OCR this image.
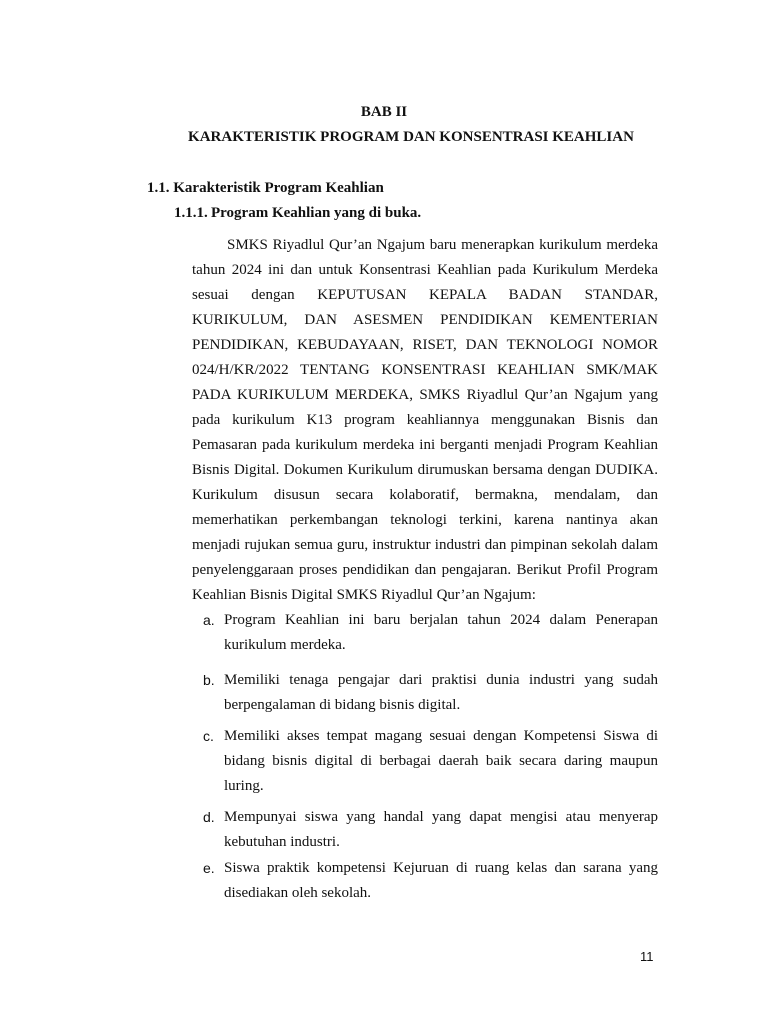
BAB II
KARAKTERISTIK PROGRAM DAN KONSENTRASI KEAHLIAN
1.1. Karakteristik Program Keahlian
1.1.1. Program Keahlian yang di buka.

SMKS Riyadlul Qur’an Ngajum baru menerapkan kurikulum merdeka tahun 2024 ini dan untuk Konsentrasi Keahlian pada Kurikulum Merdeka sesuai dengan KEPUTUSAN KEPALA BADAN STANDAR, KURIKULUM, DAN ASESMEN PENDIDIKAN KEMENTERIAN PENDIDIKAN, KEBUDAYAAN, RISET, DAN TEKNOLOGI NOMOR 024/H/KR/2022 TENTANG KONSENTRASI KEAHLIAN SMK/MAK PADA KURIKULUM MERDEKA, SMKS Riyadlul Qur’an Ngajum yang pada kurikulum K13 program keahliannya menggunakan Bisnis dan Pemasaran pada kurikulum merdeka ini berganti menjadi Program Keahlian Bisnis Digital. Dokumen Kurikulum dirumuskan bersama dengan DUDIKA. Kurikulum disusun secara kolaboratif, bermakna, mendalam, dan memerhatikan perkembangan teknologi terkini, karena nantinya akan menjadi rujukan semua guru, instruktur industri dan pimpinan sekolah dalam penyelenggaraan proses pendidikan dan pengajaran. Berikut Profil Program Keahlian Bisnis Digital SMKS Riyadlul Qur’an Ngajum:

a. Program Keahlian ini baru berjalan tahun 2024 dalam Penerapan kurikulum merdeka.
b. Memiliki tenaga pengajar dari praktisi dunia industri yang sudah berpengalaman di bidang bisnis digital.
c. Memiliki akses tempat magang sesuai dengan Kompetensi Siswa di bidang bisnis digital di berbagai daerah baik secara daring maupun luring.
d. Mempunyai siswa yang handal yang dapat mengisi atau menyerap kebutuhan industri.
e. Siswa praktik kompetensi Kejuruan di ruang kelas dan sarana yang disediakan oleh sekolah.
11
